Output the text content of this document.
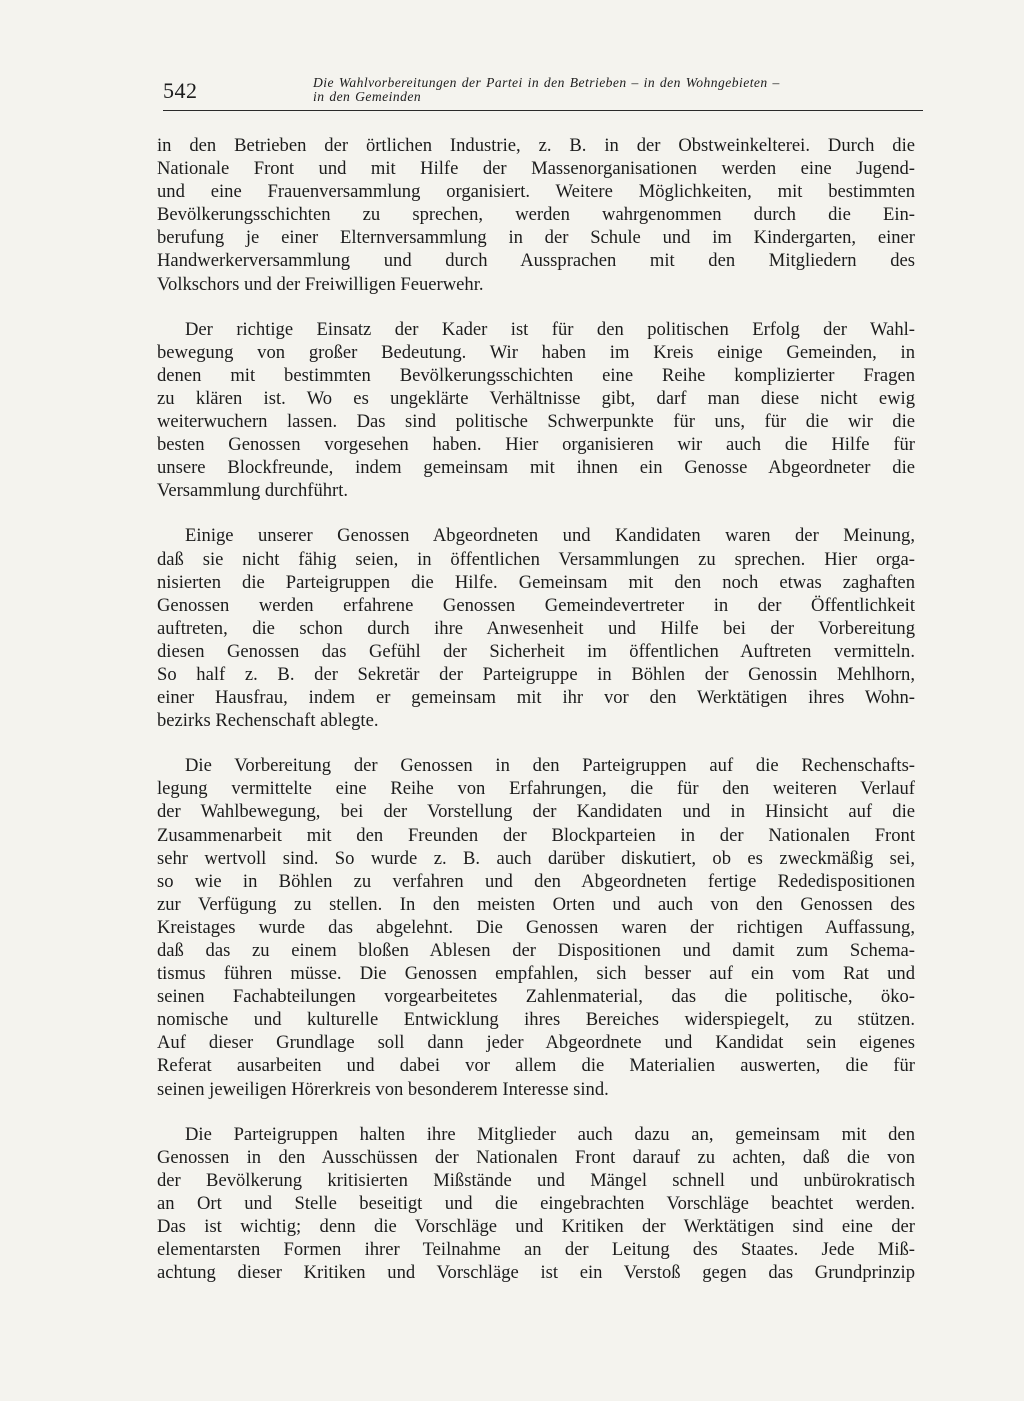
542	Die Wahlvorbereitungen der Partei in den Betrieben – in den Wohngebieten –
in den Gemeinden
in den Betrieben der örtlichen Industrie, z. B. in der Obstweinkelterei. Durch die
Nationale Front und mit Hilfe der Massenorganisationen werden eine Jugend-
und eine Frauenversammlung organisiert. Weitere Möglichkeiten, mit bestimmten
Bevölkerungsschichten zu sprechen, werden wahrgenommen durch die Ein-
berufung je einer Elternversammlung in der Schule und im Kindergarten, einer
Handwerkerversammlung und durch Aussprachen mit den Mitgliedern des
Volkschors und der Freiwilligen Feuerwehr.
Der richtige Einsatz der Kader ist für den politischen Erfolg der Wahl-
bewegung von großer Bedeutung. Wir haben im Kreis einige Gemeinden, in
denen mit bestimmten Bevölkerungsschichten eine Reihe komplizierter Fragen
zu klären ist. Wo es ungeklärte Verhältnisse gibt, darf man diese nicht ewig
weiterwuchern lassen. Das sind politische Schwerpunkte für uns, für die wir die
besten Genossen vorgesehen haben. Hier organisieren wir auch die Hilfe für
unsere Blockfreunde, indem gemeinsam mit ihnen ein Genosse Abgeordneter die
Versammlung durchführt.
Einige unserer Genossen Abgeordneten und Kandidaten waren der Meinung,
daß sie nicht fähig seien, in öffentlichen Versammlungen zu sprechen. Hier orga-
nisierten die Parteigruppen die Hilfe. Gemeinsam mit den noch etwas zaghaften
Genossen werden erfahrene Genossen Gemeindevertreter in der Öffentlichkeit
auftreten, die schon durch ihre Anwesenheit und Hilfe bei der Vorbereitung
diesen Genossen das Gefühl der Sicherheit im öffentlichen Auftreten vermitteln.
So half z. B. der Sekretär der Parteigruppe in Böhlen der Genossin Mehlhorn,
einer Hausfrau, indem er gemeinsam mit ihr vor den Werktätigen ihres Wohn-
bezirks Rechenschaft ablegte.
Die Vorbereitung der Genossen in den Parteigruppen auf die Rechenschafts-
legung vermittelte eine Reihe von Erfahrungen, die für den weiteren Verlauf
der Wahlbewegung, bei der Vorstellung der Kandidaten und in Hinsicht auf die
Zusammenarbeit mit den Freunden der Blockparteien in der Nationalen Front
sehr wertvoll sind. So wurde z. B. auch darüber diskutiert, ob es zweckmäßig sei,
so wie in Böhlen zu verfahren und den Abgeordneten fertige Rededispositionen
zur Verfügung zu stellen. In den meisten Orten und auch von den Genossen des
Kreistages wurde das abgelehnt. Die Genossen waren der richtigen Auffassung,
daß das zu einem bloßen Ablesen der Dispositionen und damit zum Schema-
tismus führen müsse. Die Genossen empfahlen, sich besser auf ein vom Rat und
seinen Fachabteilungen vorgearbeitetes Zahlenmaterial, das die politische, öko-
nomische und kulturelle Entwicklung ihres Bereiches widerspiegelt, zu stützen.
Auf dieser Grundlage soll dann jeder Abgeordnete und Kandidat sein eigenes
Referat ausarbeiten und dabei vor allem die Materialien auswerten, die für
seinen jeweiligen Hörerkreis von besonderem Interesse sind.
Die Parteigruppen halten ihre Mitglieder auch dazu an, gemeinsam mit den
Genossen in den Ausschüssen der Nationalen Front darauf zu achten, daß die von
der Bevölkerung kritisierten Mißstände und Mängel schnell und unbürokratisch
an Ort und Stelle beseitigt und die eingebrachten Vorschläge beachtet werden.
Das ist wichtig; denn die Vorschläge und Kritiken der Werktätigen sind eine der
elementarsten Formen ihrer Teilnahme an der Leitung des Staates. Jede Miß-
achtung dieser Kritiken und Vorschläge ist ein Verstoß gegen das Grundprinzip
